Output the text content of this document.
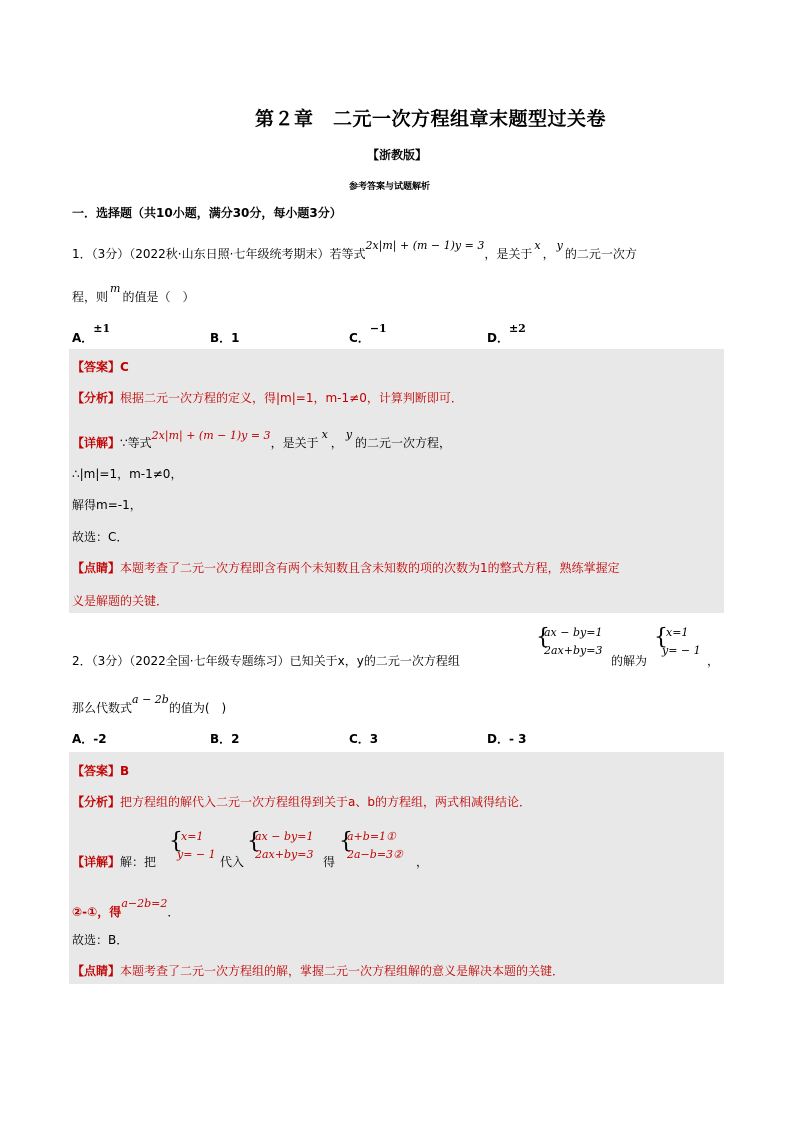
第２章　二元一次方程组章末题型过关卷
【浙教版】
参考答案与试题解析
一．选择题（共10小题，满分30分，每小题3分）
1．（3分）（2022秋·山东日照·七年级统考期末）若等式2x|m| + (m − 1)y = 3，是关于x，y的二元一次方
程，则m的值是（　）
A．±1
B．1	C．−1
D．±2
【答案】C
【分析】根据二元一次方程的定义，得|m|=1，m-1≠0，计算判断即可．
【详解】∵等式2x|m| + (m − 1)y = 3，是关于x，y的二元一次方程，
∴|m|=1，m-1≠0，
解得m=-1，
故选：C．
【点睛】本题考查了二元一次方程即含有两个未知数且含未知数的项的次数为1的整式方程，熟练掌握定
义是解题的关键．
2．（3分）（2022全国·七年级专题练习）已知关于x，y的二元一次方程组
{
ax − by=1
2ax+by=3
的解为
{
x=1
y= − 1
，
那么代数式a − 2b的值为(　)
A．-2	B．2	C．3	D．- 3
【答案】B
【分析】把方程组的解代入二元一次方程组得到关于a、b的方程组，两式相减得结论．
【详解】解：把
{
x=1
y= − 1
代入
{
ax − by=1
2ax+by=3
得
{
a+b=1①
2a−b=3②
，
②-①，得a−2b=2．
故选：B．
【点睛】本题考查了二元一次方程组的解，掌握二元一次方程组解的意义是解决本题的关键．
